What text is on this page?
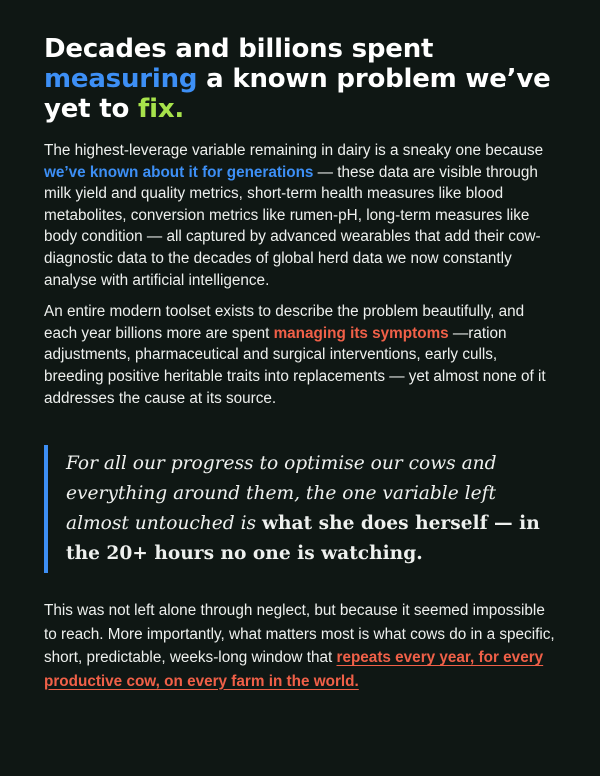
Decades and billions spent measuring a known problem we’ve yet to fix.

The highest-leverage variable remaining in dairy is a sneaky one because we’ve known about it for generations — these data are visible through milk yield and quality metrics, short-term health measures like blood metabolites, conversion metrics like rumen-pH, long-term measures like body condition — all captured by advanced wearables that add their cow-diagnostic data to the decades of global herd data we now constantly analyse with artificial intelligence.

An entire modern toolset exists to describe the problem beautifully, and each year billions more are spent managing its symptoms —ration adjustments, pharmaceutical and surgical interventions, early culls, breeding positive heritable traits into replacements — yet almost none of it addresses the cause at its source.

For all our progress to optimise our cows and everything around them, the one variable left almost untouched is what she does herself — in the 20+ hours no one is watching.

This was not left alone through neglect, but because it seemed impossible to reach. More importantly, what matters most is what cows do in a specific, short, predictable, weeks-long window that repeats every year, for every productive cow, on every farm in the world.
